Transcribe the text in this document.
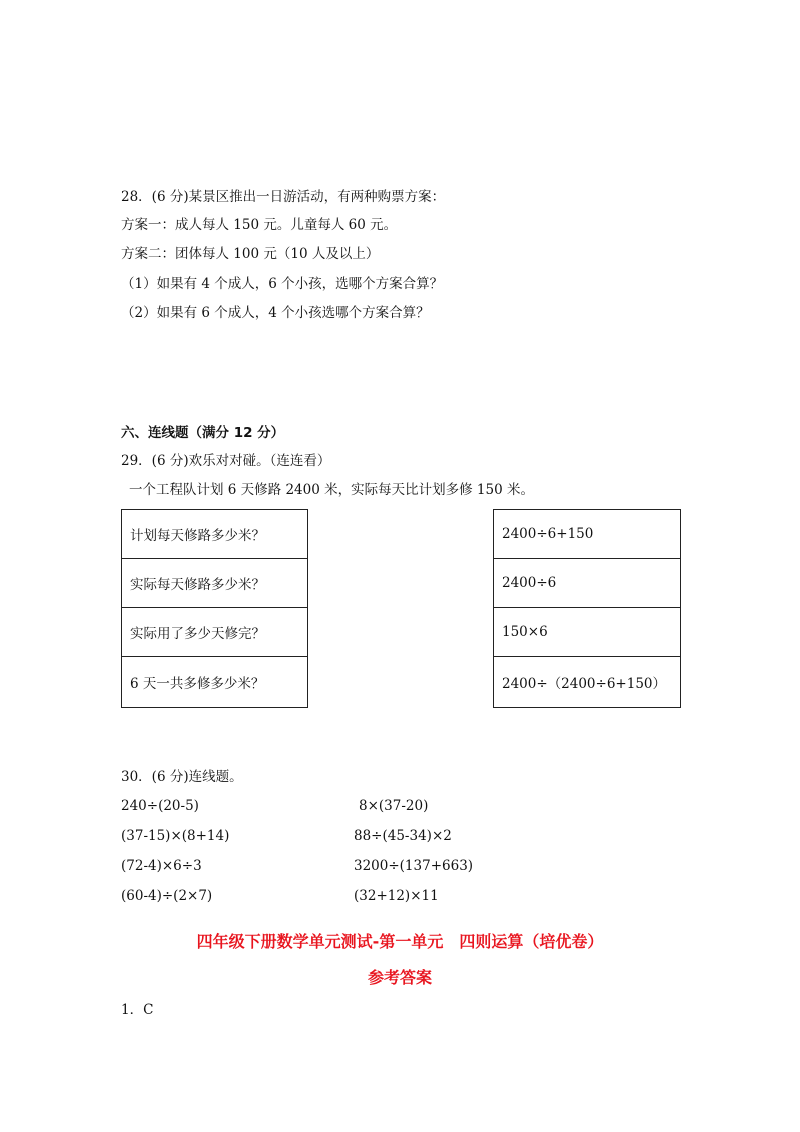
28．(6 分)某景区推出一日游活动，有两种购票方案：
方案一：成人每人 150 元。儿童每人 60 元。
方案二：团体每人 100 元（10 人及以上）
（1）如果有 4 个成人，6 个小孩，选哪个方案合算？
（2）如果有 6 个成人，4 个小孩选哪个方案合算？
六、连线题（满分 12 分）
29．(6 分)欢乐对对碰。（连连看）
一个工程队计划 6 天修路 2400 米，实际每天比计划多修 150 米。
计划每天修路多少米？
实际每天修路多少米？
实际用了多少天修完？
6 天一共多修多少米？
2400÷6+150
2400÷6
150×6
2400÷（2400÷6+150）
30．(6 分)连线题。
240÷(20-5)
(37-15)×(8+14)
(72-4)×6÷3
(60-4)÷(2×7)
8×(37-20)
88÷(45-34)×2
3200÷(137+663)
(32+12)×11
四年级下册数学单元测试-第一单元　四则运算（培优卷）
参考答案
1．C
